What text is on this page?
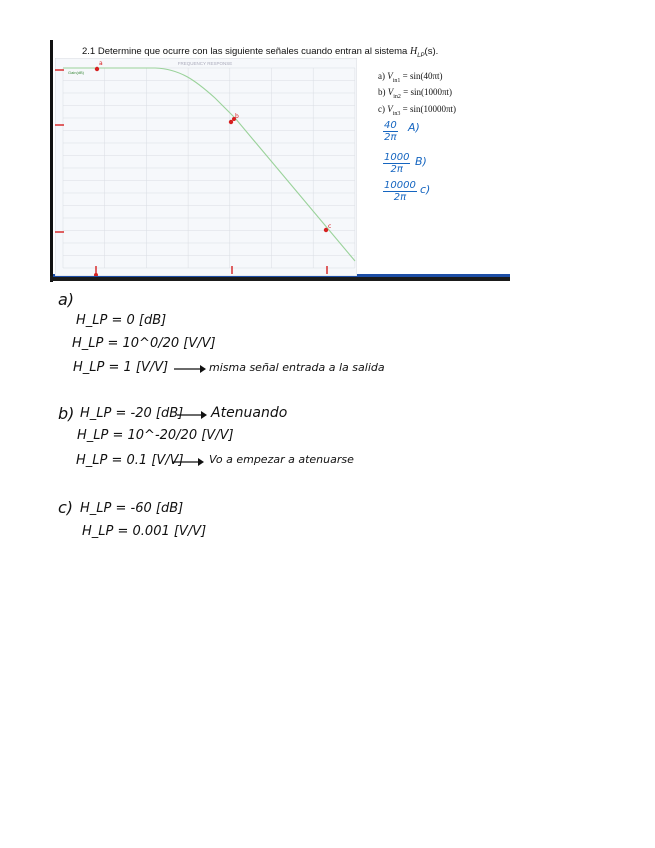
2.1 Determine que ocurre con las siguiente señales cuando entran al sistema $H_{LP}(s)$.
FREQUENCY RESPONSE
Gain(dB)
a
b
c
a) $V_{in1} = \sin(40\pi t)$
b) $V_{in2} = \sin(1000\pi t)$
c) $V_{in3} = \sin(10000\pi t)$
$\frac{40}{2\pi} A$)
$\frac{1000}{2\pi} B$)
$\frac{10000}{2\pi} c$)
a)
H_LP = 0 [dB]
H_LP = 10^0/20 [V/V]
H_LP = 1 [V/V]	misma señal entrada a la salida
b) H_LP = -20 [dB] Atenuando
H_LP = 10^-20/20 [V/V]
H_LP = 0.1 [V/V] Vo a empezar a atenuarse
c) H_LP = -60 [dB]
H_LP = 0.001 [V/V]
